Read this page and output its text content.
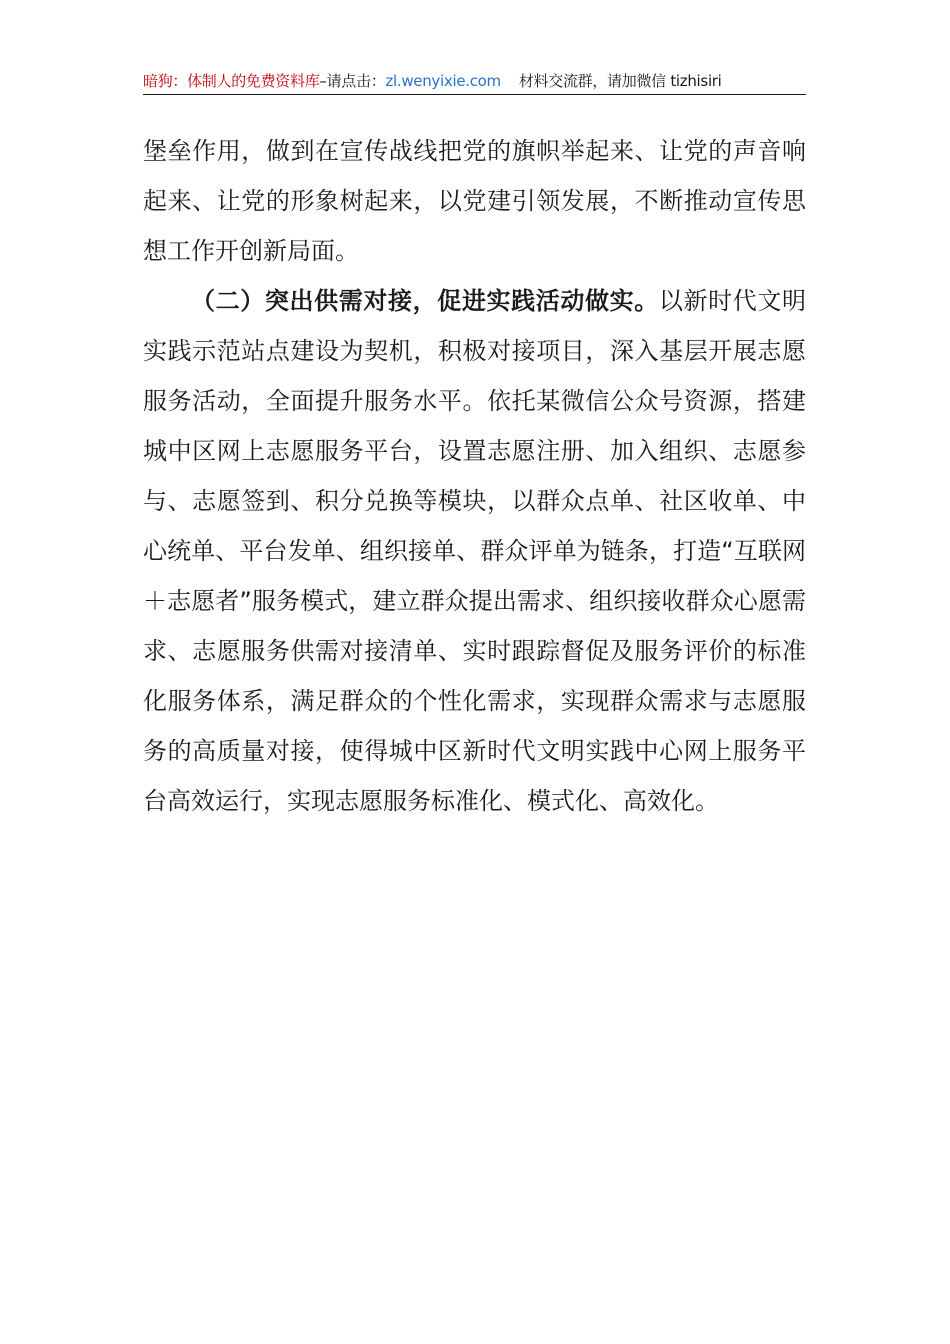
暗狗：体制人的免费资料库–请点击：zl.wenyixie.com 材料交流群，请加微信 tizhisiri

堡垒作用，做到在宣传战线把党的旗帜举起来、让党的声音响起来、让党的形象树起来，以党建引领发展，不断推动宣传思想工作开创新局面。

（二）突出供需对接，促进实践活动做实。以新时代文明实践示范站点建设为契机，积极对接项目，深入基层开展志愿服务活动，全面提升服务水平。依托某微信公众号资源，搭建城中区网上志愿服务平台，设置志愿注册、加入组织、志愿参与、志愿签到、积分兑换等模块，以群众点单、社区收单、中心统单、平台发单、组织接单、群众评单为链条，打造“互联网＋志愿者”服务模式，建立群众提出需求、组织接收群众心愿需求、志愿服务供需对接清单、实时跟踪督促及服务评价的标准化服务体系，满足群众的个性化需求，实现群众需求与志愿服务的高质量对接，使得城中区新时代文明实践中心网上服务平台高效运行，实现志愿服务标准化、模式化、高效化。
